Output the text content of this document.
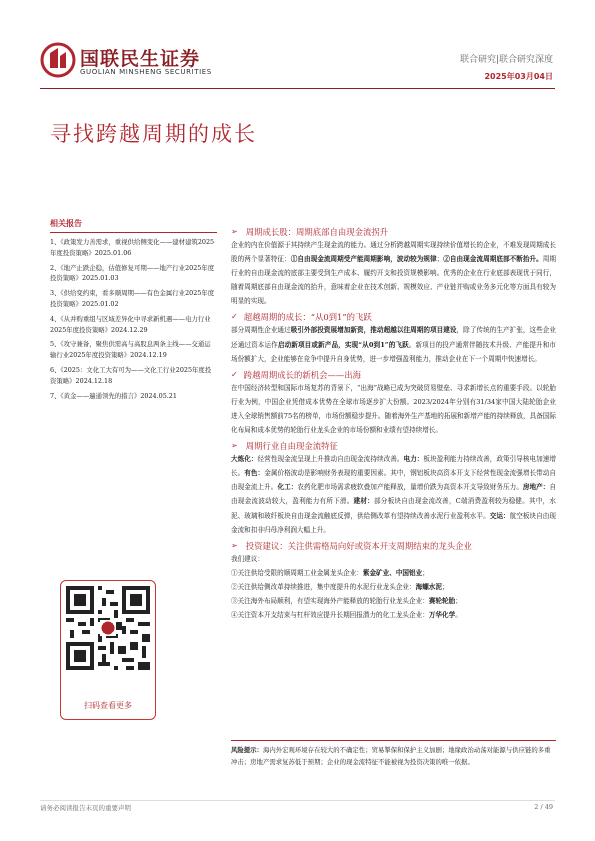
国联民生证券
GUOLIAN MINSHENG SECURITIES
联合研究|联合研究深度
2025年03月04日
寻找跨越周期的成长
相关报告
1、《政策发力善需求，重视供给侧变化——建材建筑2025年度投资策略》2025.01.06
2、《地产止跌企稳，估值修复可期——地产行业2025年度投资策略》2025.01.03
3、《供给变约束，看多顺周期——有色金属行业2025年度投资策略》2025.01.02
4、《从并购重组与区域差异化中寻求新机遇——电力行业2025年度投资策略》2024.12.29
5、《攻守兼备，聚焦供需高与高股息两条主线——交通运输行业2025年度投资策略》2024.12.19
6、《2025：文化工大有可为——文化工行业2025年度投资策略》2024.12.18
7、《黄金——遍通领先的措言》2024.05.21
扫码查看更多
➢ 周期成长股：周期底部自由现金流拐升

企业的内在价值源于其持续产生现金流的能力。通过分析跨越周期实现持续价值增长的企业，不难发现周期成长股的两个显著特征：①自由现金流周期受产能周期影响，波动较为规律；②自由现金流周期底部不断抬升。周期行业的自由现金流的底部主要受到生产成本、履约开支和投资规模影响。优秀的企业在行业底部表现优于同行，随着周期底部自由现金流的抬升，意味着企业在技术创新、规模效应、产业链并购或业务多元化等方面具有较为明显的实现。

✓ 超越周期的成长：“从0到1”的飞跃

部分周期性企业通过吸引外部投资展增加新资，推动超越以往周期的项目建设，除了传统的生产扩张，这些企业还通过资本运作启动新项目或新产品，实现“从0到1”的飞跃。新项目的投产通常伴随技术升级、产能提升和市场份额扩大，企业能够在竞争中提升自身优势，进一步增强盈利能力，推动企业在下一个周期中快速增长。

✓ 跨越周期成长的新机会——出海

在中国经济转型和国际市场复苏的背景下，“出海”战略已成为突破贸易壁垒、寻求新增长点的重要手段。以轮胎行业为例，中国企业凭借成本优势在全球市场逐步扩大份额。2023/2024年分别有31/34家中国大陆轮胎企业进入全球销售额前75名的榜单，市场份额稳步提升。随着海外生产基地的拓展和新增产能的持续释放，具备国际化布局和成本优势的轮胎行业龙头企业的市场份额和业绩有望持续增长。

➢ 周期行业自由现金流特征

大炼化：经营性现金流呈现上升推动自由现金流持续改善。电力：板块盈利能力持续改善，政策引导核电加速增长。有色：金属价格波动是影响财务表现的重要因素。其中，钢铝板块高资本开支下经营性现金流强增长带动自由现金流上升。化工：农药化肥市场需求疲软叠加产能释放，量增价跌为高资本开支导致财务压力。房地产：自由现金流波动较大，盈利能力有所下滑。建材：部分板块自由现金流改善，C端消费盈利较为稳健。其中，水泥、玻璃和玻纤板块自由现金流触底反弹，供给侧改革有望持续改善水泥行业盈利水平。交运：航空板块自由现金流和扣非归母净利润大幅上升。

➢ 投资建议：关注供需格局向好或资本开支周期结束的龙头企业
我们建议：
①关注供给受限的顺周期工业金属龙头企业：紫金矿业、中国铝业；
②关注供给侧改革持续推进，集中度提升的水泥行业龙头企业：海螺水泥；
③关注海外布局顺利，有望实现海外产能释放的轮胎行业龙头企业：赛轮轮胎；
④关注资本开支结束与杠杆效应提升长期回报潜力的化工龙头企业：万华化学。
风险提示：海内外宏观环境存在较大的不确定性；贸易掣保和保护主义加剧；地缘政治动荡对能源与供应链的多重冲击；房地产需求复苏低于预期；企业的现金流特征不能被视为投资决策的唯一依据。
请务必阅读报告末页的重要声明	2 / 49
